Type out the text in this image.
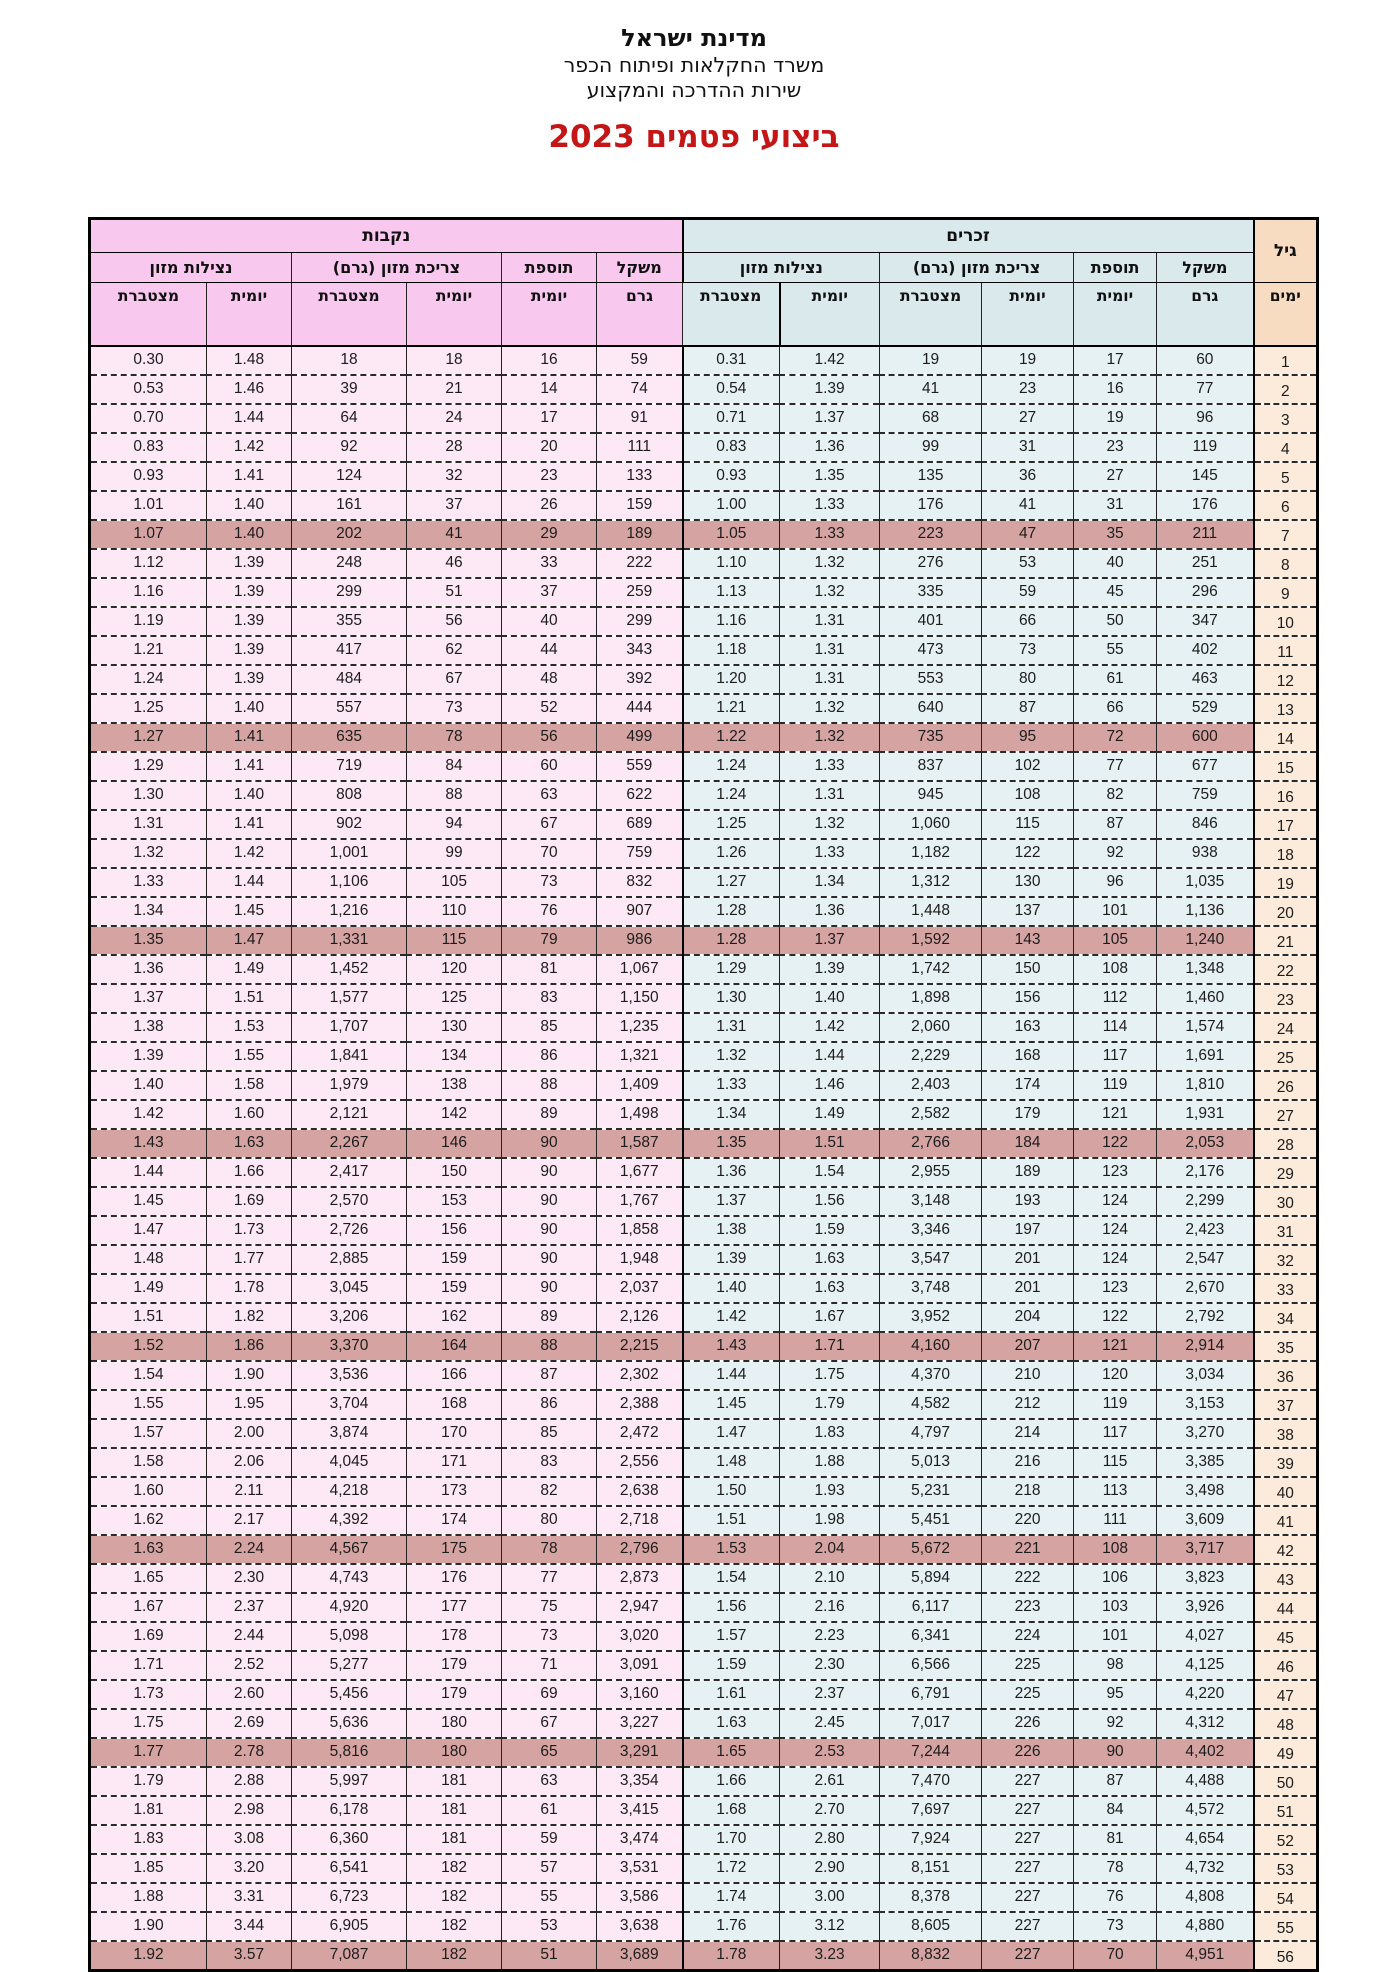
מדינת ישראל
משרד החקלאות ופיתוח הכפר
שירות ההדרכה והמקצוע
ביצועי פטמים 2023
גיל	זכרים						נקבות					
	משקל	תוספת	צריכת מזון (גרם)		נצילות מזון		משקל	תוספת	צריכת מזון (גרם)		נצילות מזון	
ימים	גרם	יומית	יומית	מצטברת	יומית	מצטברת	גרם	יומית	יומית	מצטברת	יומית	מצטברת
1	60	17	19	19	1.42	0.31	59	16	18	18	1.48	0.30
2	77	16	23	41	1.39	0.54	74	14	21	39	1.46	0.53
3	96	19	27	68	1.37	0.71	91	17	24	64	1.44	0.70
4	119	23	31	99	1.36	0.83	111	20	28	92	1.42	0.83
5	145	27	36	135	1.35	0.93	133	23	32	124	1.41	0.93
6	176	31	41	176	1.33	1.00	159	26	37	161	1.40	1.01
7	211	35	47	223	1.33	1.05	189	29	41	202	1.40	1.07
8	251	40	53	276	1.32	1.10	222	33	46	248	1.39	1.12
9	296	45	59	335	1.32	1.13	259	37	51	299	1.39	1.16
10	347	50	66	401	1.31	1.16	299	40	56	355	1.39	1.19
11	402	55	73	473	1.31	1.18	343	44	62	417	1.39	1.21
12	463	61	80	553	1.31	1.20	392	48	67	484	1.39	1.24
13	529	66	87	640	1.32	1.21	444	52	73	557	1.40	1.25
14	600	72	95	735	1.32	1.22	499	56	78	635	1.41	1.27
15	677	77	102	837	1.33	1.24	559	60	84	719	1.41	1.29
16	759	82	108	945	1.31	1.24	622	63	88	808	1.40	1.30
17	846	87	115	1,060	1.32	1.25	689	67	94	902	1.41	1.31
18	938	92	122	1,182	1.33	1.26	759	70	99	1,001	1.42	1.32
19	1,035	96	130	1,312	1.34	1.27	832	73	105	1,106	1.44	1.33
20	1,136	101	137	1,448	1.36	1.28	907	76	110	1,216	1.45	1.34
21	1,240	105	143	1,592	1.37	1.28	986	79	115	1,331	1.47	1.35
22	1,348	108	150	1,742	1.39	1.29	1,067	81	120	1,452	1.49	1.36
23	1,460	112	156	1,898	1.40	1.30	1,150	83	125	1,577	1.51	1.37
24	1,574	114	163	2,060	1.42	1.31	1,235	85	130	1,707	1.53	1.38
25	1,691	117	168	2,229	1.44	1.32	1,321	86	134	1,841	1.55	1.39
26	1,810	119	174	2,403	1.46	1.33	1,409	88	138	1,979	1.58	1.40
27	1,931	121	179	2,582	1.49	1.34	1,498	89	142	2,121	1.60	1.42
28	2,053	122	184	2,766	1.51	1.35	1,587	90	146	2,267	1.63	1.43
29	2,176	123	189	2,955	1.54	1.36	1,677	90	150	2,417	1.66	1.44
30	2,299	124	193	3,148	1.56	1.37	1,767	90	153	2,570	1.69	1.45
31	2,423	124	197	3,346	1.59	1.38	1,858	90	156	2,726	1.73	1.47
32	2,547	124	201	3,547	1.63	1.39	1,948	90	159	2,885	1.77	1.48
33	2,670	123	201	3,748	1.63	1.40	2,037	90	159	3,045	1.78	1.49
34	2,792	122	204	3,952	1.67	1.42	2,126	89	162	3,206	1.82	1.51
35	2,914	121	207	4,160	1.71	1.43	2,215	88	164	3,370	1.86	1.52
36	3,034	120	210	4,370	1.75	1.44	2,302	87	166	3,536	1.90	1.54
37	3,153	119	212	4,582	1.79	1.45	2,388	86	168	3,704	1.95	1.55
38	3,270	117	214	4,797	1.83	1.47	2,472	85	170	3,874	2.00	1.57
39	3,385	115	216	5,013	1.88	1.48	2,556	83	171	4,045	2.06	1.58
40	3,498	113	218	5,231	1.93	1.50	2,638	82	173	4,218	2.11	1.60
41	3,609	111	220	5,451	1.98	1.51	2,718	80	174	4,392	2.17	1.62
42	3,717	108	221	5,672	2.04	1.53	2,796	78	175	4,567	2.24	1.63
43	3,823	106	222	5,894	2.10	1.54	2,873	77	176	4,743	2.30	1.65
44	3,926	103	223	6,117	2.16	1.56	2,947	75	177	4,920	2.37	1.67
45	4,027	101	224	6,341	2.23	1.57	3,020	73	178	5,098	2.44	1.69
46	4,125	98	225	6,566	2.30	1.59	3,091	71	179	5,277	2.52	1.71
47	4,220	95	225	6,791	2.37	1.61	3,160	69	179	5,456	2.60	1.73
48	4,312	92	226	7,017	2.45	1.63	3,227	67	180	5,636	2.69	1.75
49	4,402	90	226	7,244	2.53	1.65	3,291	65	180	5,816	2.78	1.77
50	4,488	87	227	7,470	2.61	1.66	3,354	63	181	5,997	2.88	1.79
51	4,572	84	227	7,697	2.70	1.68	3,415	61	181	6,178	2.98	1.81
52	4,654	81	227	7,924	2.80	1.70	3,474	59	181	6,360	3.08	1.83
53	4,732	78	227	8,151	2.90	1.72	3,531	57	182	6,541	3.20	1.85
54	4,808	76	227	8,378	3.00	1.74	3,586	55	182	6,723	3.31	1.88
55	4,880	73	227	8,605	3.12	1.76	3,638	53	182	6,905	3.44	1.90
56	4,951	70	227	8,832	3.23	1.78	3,689	51	182	7,087	3.57	1.92
